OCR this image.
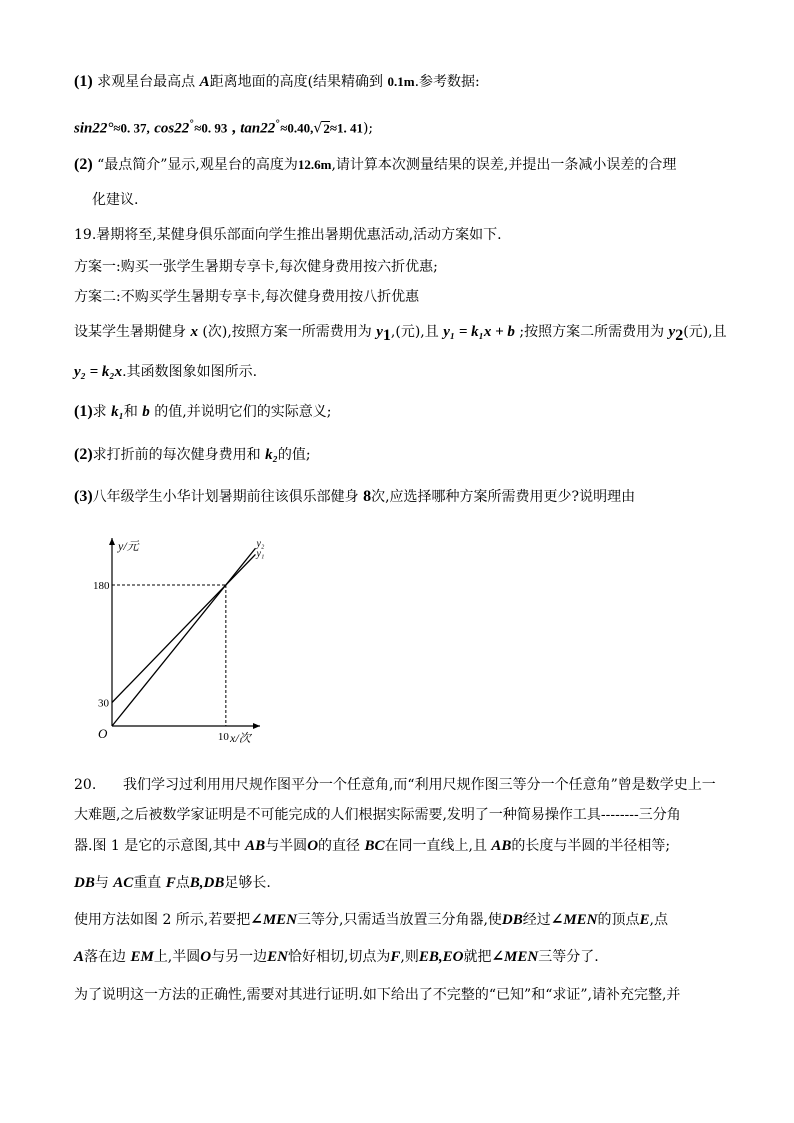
(1) 求观星台最高点 A距离地面的高度(结果精确到 0.1m.参考数据:
sin22°≈0. 37, cos22°≈0. 93 , tan22°≈0.40,√2≈1. 41);
(2) “最点简介”显示,观星台的高度为12.6m,请计算本次测量结果的误差,并提出一条减小误差的合理
化建议.
19.暑期将至,某健身俱乐部面向学生推出暑期优惠活动,活动方案如下.
方案一:购买一张学生暑期专享卡,每次健身费用按六折优惠;
方案二:不购买学生暑期专享卡,每次健身费用按八折优惠
设某学生暑期健身 x (次),按照方案一所需费用为 $y_1$,(元),且 y₁ = k₁x + b ;按照方案二所需费用为 $y_2$(元),且
y₂ = k₂x.其函数图象如图所示.
(1)求 k₁和 b 的值,并说明它们的实际意义;
(2)求打折前的每次健身费用和 k₂的值;
(3)八年级学生小华计划暑期前往该俱乐部健身 8次,应选择哪种方案所需费用更少?说明理由
y/元
x/次
O
180
30
10
y₁
y₂
20. 我们学习过利用用尺规作图平分一个任意角,而“利用尺规作图三等分一个任意角”曾是数学史上一
大难题,之后被数学家证明是不可能完成的人们根据实际需要,发明了一种简易操作工具--------三分角
器.图 1 是它的示意图,其中 AB与半圆O的直径 BC在同一直线上,且 AB的长度与半圆的半径相等;
DB与 AC重直 F点B,DB足够长.
使用方法如图 2 所示,若要把∠MEN三等分,只需适当放置三分角器,使DB经过∠MEN的顶点E,点
A落在边 EM上,半圆O与另一边EN恰好相切,切点为F,则EB,EO就把∠MEN三等分了.
为了说明这一方法的正确性,需要对其进行证明.如下给出了不完整的“已知”和“求证”,请补充完整,并
